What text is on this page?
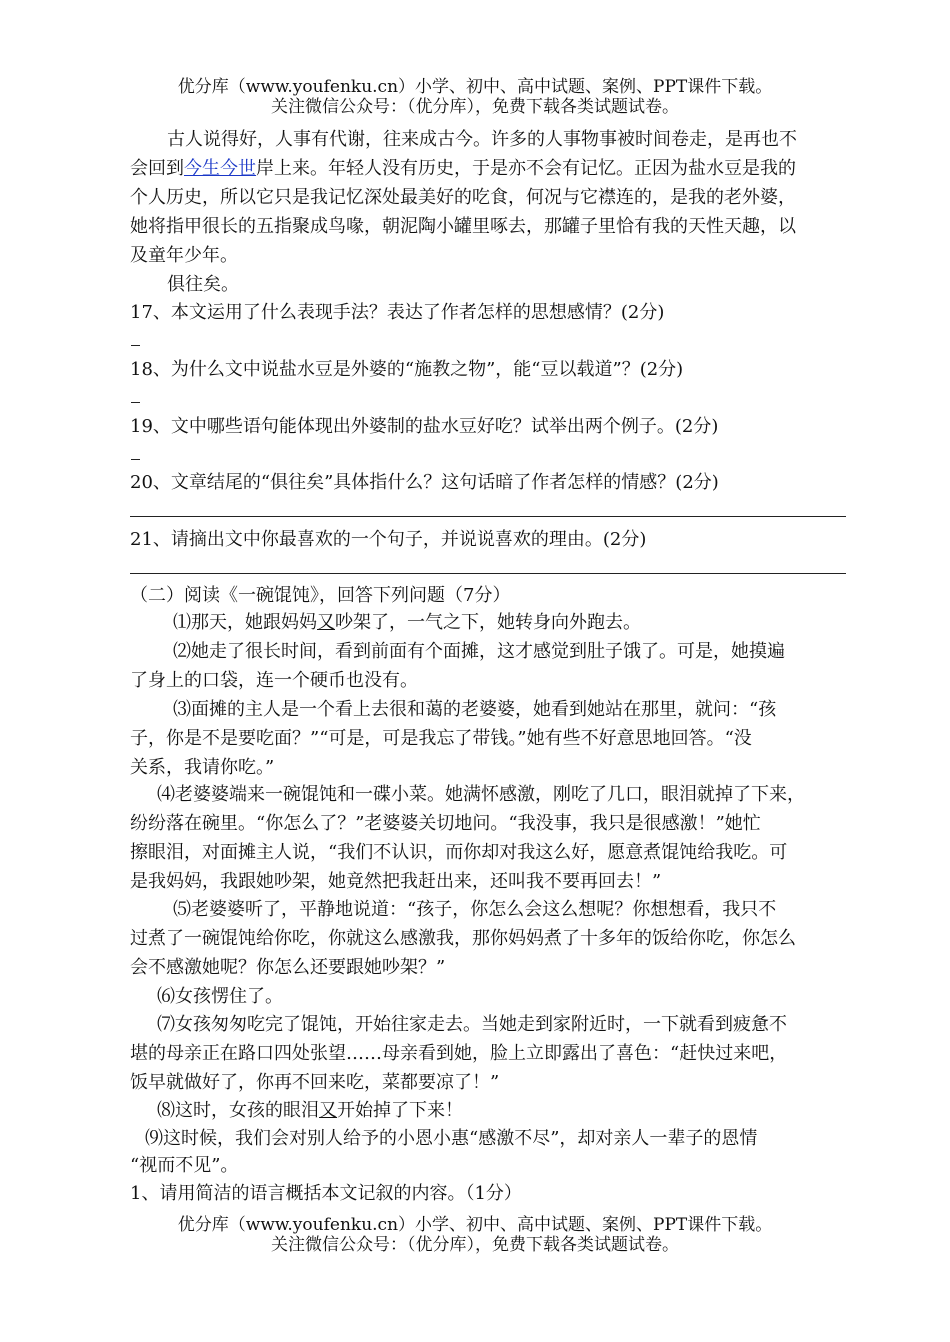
优分库（www.youfenku.cn）小学、初中、高中试题、案例、PPT课件下载。
关注微信公众号：（优分库），免费下载各类试题试卷。
古人说得好，人事有代谢，往来成古今。许多的人事物事被时间卷走，是再也不
会回到今生今世岸上来。年轻人没有历史，于是亦不会有记忆。正因为盐水豆是我的
个人历史，所以它只是我记忆深处最美好的吃食，何况与它襟连的，是我的老外婆，
她将指甲很长的五指聚成鸟喙，朝泥陶小罐里啄去，那罐子里恰有我的天性天趣，以
及童年少年。
俱往矣。
17、本文运用了什么表现手法？表达了作者怎样的思想感情？(2分)
18、为什么文中说盐水豆是外婆的“施教之物”，能“豆以载道”？(2分)
19、文中哪些语句能体现出外婆制的盐水豆好吃？试举出两个例子。(2分)
20、文章结尾的“俱往矣”具体指什么？这句话暗了作者怎样的情感？(2分)
21、请摘出文中你最喜欢的一个句子，并说说喜欢的理由。(2分)
（二）阅读《一碗馄饨》，回答下列问题（7分）
⑴那天，她跟妈妈又吵架了，一气之下，她转身向外跑去。
⑵她走了很长时间，看到前面有个面摊，这才感觉到肚子饿了。可是，她摸遍
了身上的口袋，连一个硬币也没有。
⑶面摊的主人是一个看上去很和蔼的老婆婆，她看到她站在那里，就问：“孩
子，你是不是要吃面？”“可是，可是我忘了带钱。”她有些不好意思地回答。“没
关系，我请你吃。”
⑷老婆婆端来一碗馄饨和一碟小菜。她满怀感激，刚吃了几口，眼泪就掉了下来，
纷纷落在碗里。“你怎么了？”老婆婆关切地问。“我没事，我只是很感激！”她忙
擦眼泪，对面摊主人说，“我们不认识，而你却对我这么好，愿意煮馄饨给我吃。可
是我妈妈，我跟她吵架，她竟然把我赶出来，还叫我不要再回去！”
⑸老婆婆听了，平静地说道：“孩子，你怎么会这么想呢？你想想看，我只不
过煮了一碗馄饨给你吃，你就这么感激我，那你妈妈煮了十多年的饭给你吃，你怎么
会不感激她呢？你怎么还要跟她吵架？”
⑹女孩愣住了。
⑺女孩匆匆吃完了馄饨，开始往家走去。当她走到家附近时，一下就看到疲惫不
堪的母亲正在路口四处张望……母亲看到她，脸上立即露出了喜色：“赶快过来吧，
饭早就做好了，你再不回来吃，菜都要凉了！”
⑻这时，女孩的眼泪又开始掉了下来！
⑼这时候，我们会对别人给予的小恩小惠“感激不尽”，却对亲人一辈子的恩情
“视而不见”。
1、请用简洁的语言概括本文记叙的内容。（1分）
优分库（www.youfenku.cn）小学、初中、高中试题、案例、PPT课件下载。
关注微信公众号：（优分库），免费下载各类试题试卷。
